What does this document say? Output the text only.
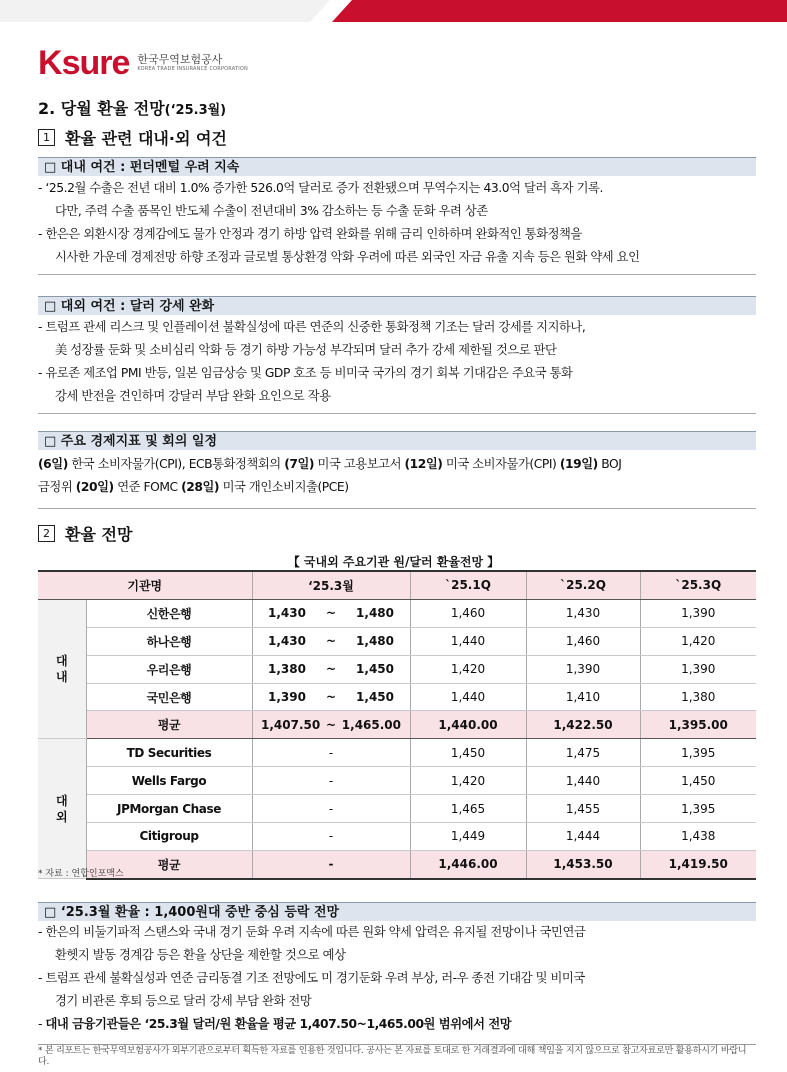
Ksure 한국무역보험공사
KOREA TRADE INSURANCE CORPORATION
2. 당월 환율 전망(‘25.3월)
1 환율 관련 대내·외 여건
□ 대내 여건 : 펀더멘털 우려 지속
- ‘25.2월 수출은 전년 대비 1.0% 증가한 526.0억 달러로 증가 전환됐으며 무역수지는 43.0억 달러 흑자 기록.
다만, 주력 수출 품목인 반도체 수출이 전년대비 3% 감소하는 등 수출 둔화 우려 상존
- 한은은 외환시장 경계감에도 물가 안정과 경기 하방 압력 완화를 위해 금리 인하하며 완화적인 통화정책을
시사한 가운데 경제전망 하향 조정과 글로벌 통상환경 악화 우려에 따른 외국인 자금 유출 지속 등은 원화 약세 요인
□ 대외 여건 : 달러 강세 완화
- 트럼프 관세 리스크 및 인플레이션 불확실성에 따른 연준의 신중한 통화정책 기조는 달러 강세를 지지하나,
美 성장률 둔화 및 소비심리 악화 등 경기 하방 가능성 부각되며 달러 추가 강세 제한될 것으로 판단
- 유로존 제조업 PMI 반등, 일본 임금상승 및 GDP 호조 등 비미국 국가의 경기 회복 기대감은 주요국 통화
강세 반전을 견인하며 강달러 부담 완화 요인으로 작용
□ 주요 경제지표 및 회의 일정
(6일) 한국 소비자물가(CPI), ECB통화정책회의 (7일) 미국 고용보고서 (12일) 미국 소비자물가(CPI) (19일) BOJ
금정위 (20일) 연준 FOMC (28일) 미국 개인소비지출(PCE)
2 환율 전망
【 국내외 주요기관 원/달러 환율전망 】
기관명		‘25.3월	`25.1Q	`25.2Q	`25.3Q
대
내	신한은행	1,430 ~ 1,480	1,460	1,430	1,390
	하나은행	1,430 ~ 1,480	1,440	1,460	1,420
	우리은행	1,380 ~ 1,450	1,420	1,390	1,390
	국민은행	1,390 ~ 1,450	1,440	1,410	1,380
	평균	1,407.50 ~ 1,465.00	1,440.00	1,422.50	1,395.00
대
외	TD Securities	-	1,450	1,475	1,395
	Wells Fargo	-	1,420	1,440	1,450
	JPMorgan Chase	-	1,465	1,455	1,395
	Citigroup	-	1,449	1,444	1,438
	평균	-	1,446.00	1,453.50	1,419.50
* 자료 : 연합인포맥스
□ ‘25.3월 환율 : 1,400원대 중반 중심 등락 전망
- 한은의 비둘기파적 스탠스와 국내 경기 둔화 우려 지속에 따른 원화 약세 압력은 유지될 전망이나 국민연금
환헷지 발동 경계감 등은 환율 상단을 제한할 것으로 예상
- 트럼프 관세 불확실성과 연준 금리동결 기조 전망에도 미 경기둔화 우려 부상, 러-우 종전 기대감 및 비미국
경기 비관론 후퇴 등으로 달러 강세 부담 완화 전망
- 대내 금융기관들은 ‘25.3월 달러/원 환율을 평균 1,407.50~1,465.00원 범위에서 전망
* 본 리포트는 한국무역보험공사가 외부기관으로부터 획득한 자료를 인용한 것입니다. 공사는 본 자료를 토대로 한 거래결과에 대해 책임을 지지 않으므로 참고자료로만 활용하시기 바랍니다.
